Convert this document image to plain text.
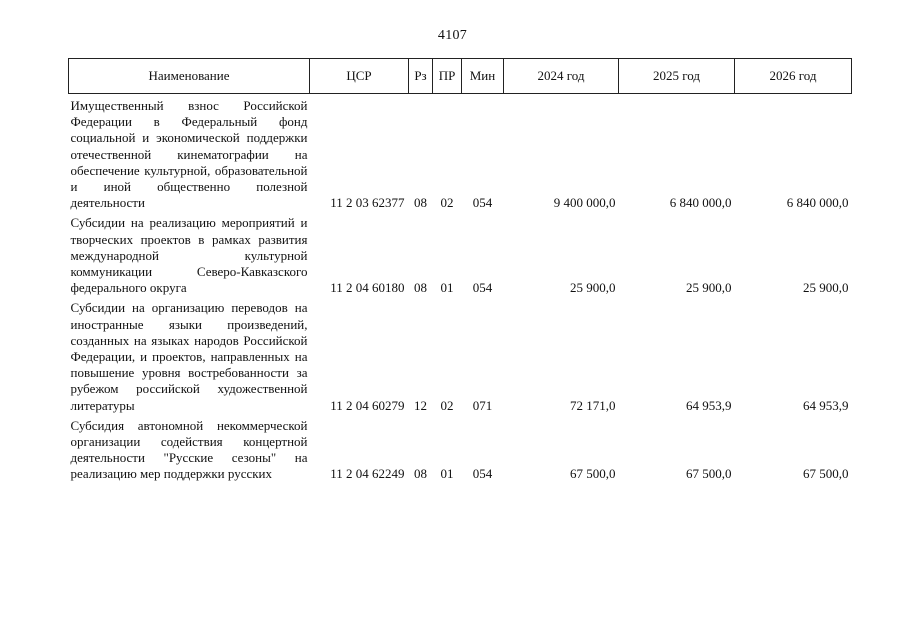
4107
Наименование	ЦСР	Рз	ПР	Мин	2024 год	2025 год	2026 год
Имущественный взнос Российской Федерации в Федеральный фонд социальной и экономической поддержки отечественной кинематографии на обеспечение культурной, образовательной и иной общественно полезной деятельности	11 2 03 62377	08	02	054	9 400 000,0	6 840 000,0	6 840 000,0
Субсидии на реализацию мероприятий и творческих проектов в рамках развития международной культурной коммуникации Северо-Кавказского федерального округа	11 2 04 60180	08	01	054	25 900,0	25 900,0	25 900,0
Субсидии на организацию переводов на иностранные языки произведений, созданных на языках народов Российской Федерации, и проектов, направленных на повышение уровня востребованности за рубежом российской художественной литературы	11 2 04 60279	12	02	071	72 171,0	64 953,9	64 953,9
Субсидия автономной некоммерческой организации содействия концертной деятельности "Русские сезоны" на реализацию мер поддержки русских	11 2 04 62249	08	01	054	67 500,0	67 500,0	67 500,0
